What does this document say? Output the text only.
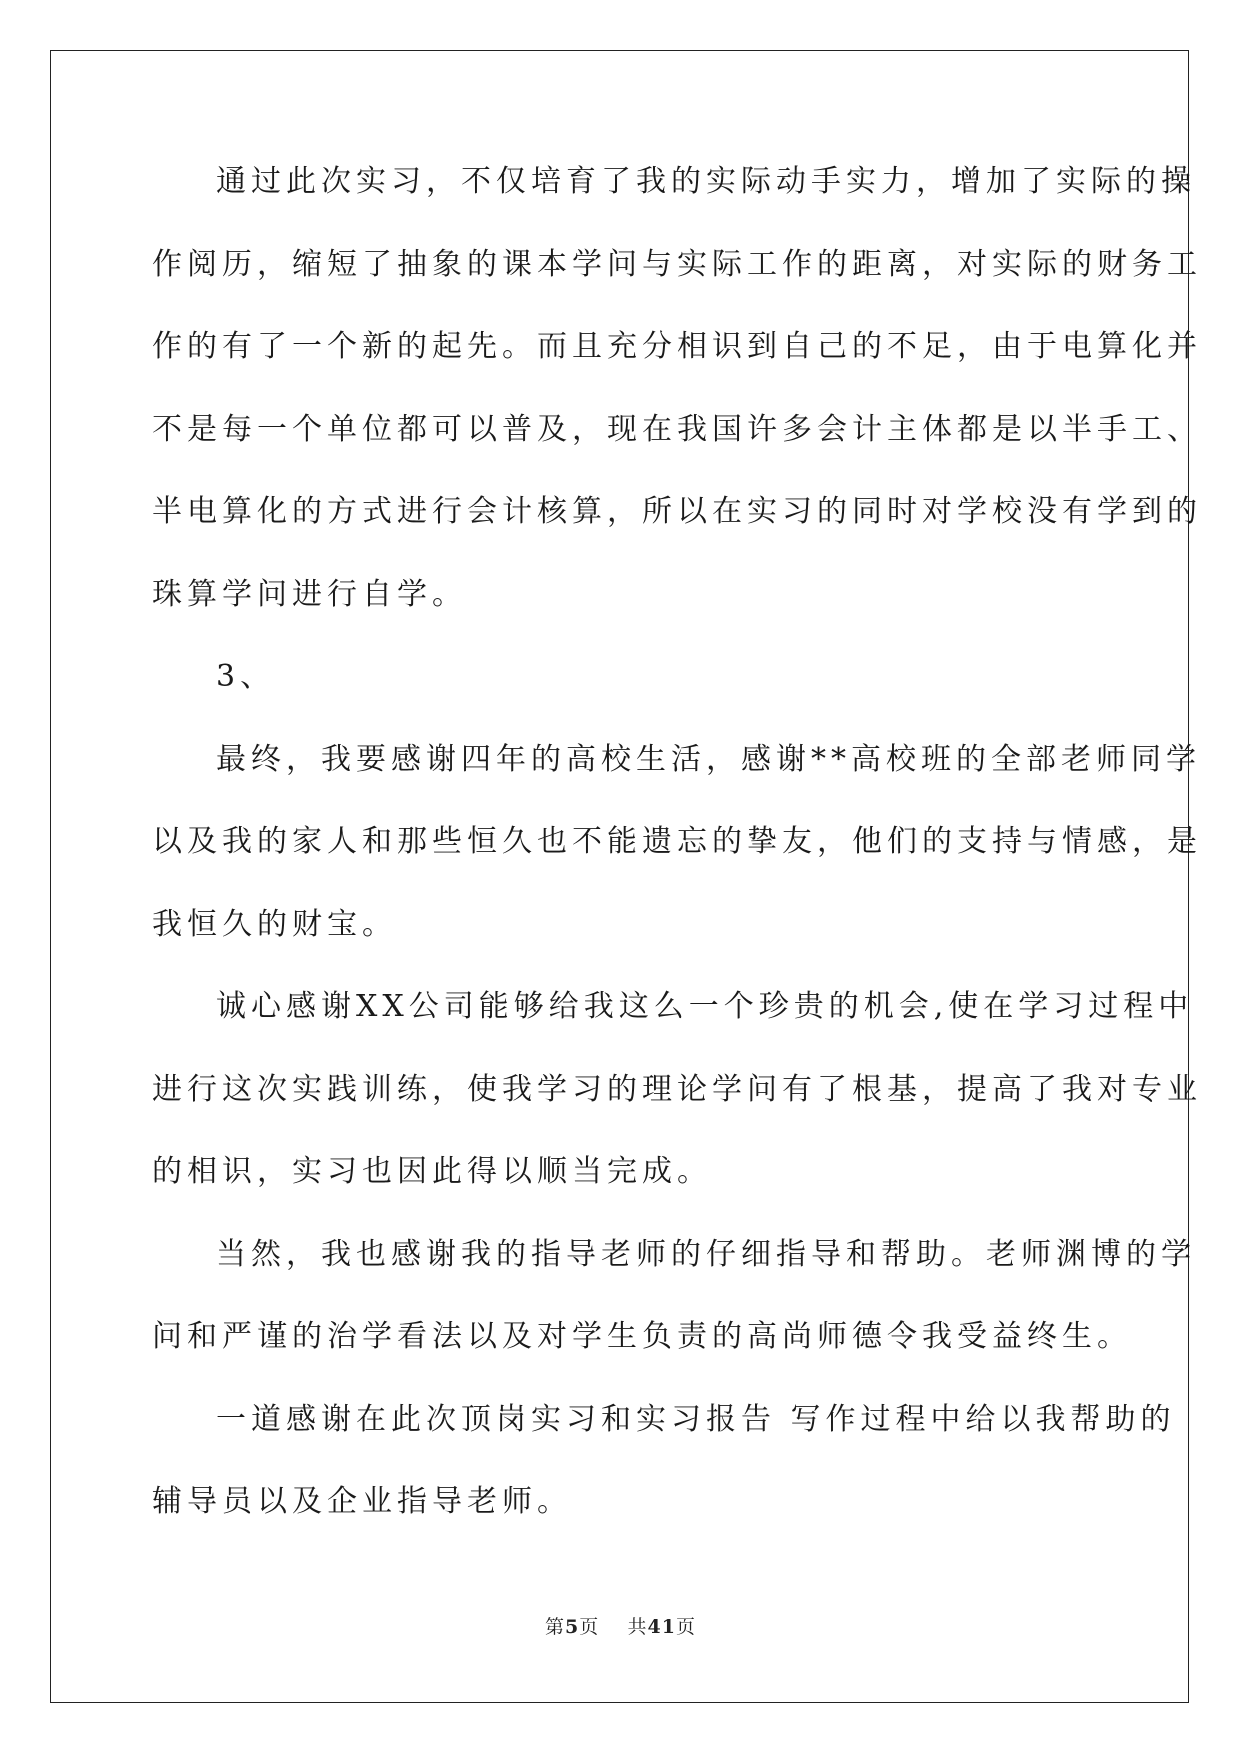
通过此次实习，不仅培育了我的实际动手实力，增加了实际的操
作阅历，缩短了抽象的课本学问与实际工作的距离，对实际的财务工
作的有了一个新的起先。而且充分相识到自己的不足，由于电算化并
不是每一个单位都可以普及，现在我国许多会计主体都是以半手工、
半电算化的方式进行会计核算，所以在实习的同时对学校没有学到的
珠算学问进行自学。
3、
最终，我要感谢四年的高校生活，感谢**高校班的全部老师同学
以及我的家人和那些恒久也不能遗忘的挚友，他们的支持与情感，是
我恒久的财宝。
诚心感谢XX公司能够给我这么一个珍贵的机会,使在学习过程中
进行这次实践训练，使我学习的理论学问有了根基，提高了我对专业
的相识，实习也因此得以顺当完成。
当然，我也感谢我的指导老师的仔细指导和帮助。老师渊博的学
问和严谨的治学看法以及对学生负责的高尚师德令我受益终生。
一道感谢在此次顶岗实习和实习报告 写作过程中给以我帮助的
辅导员以及企业指导老师。
第5页 共41页
